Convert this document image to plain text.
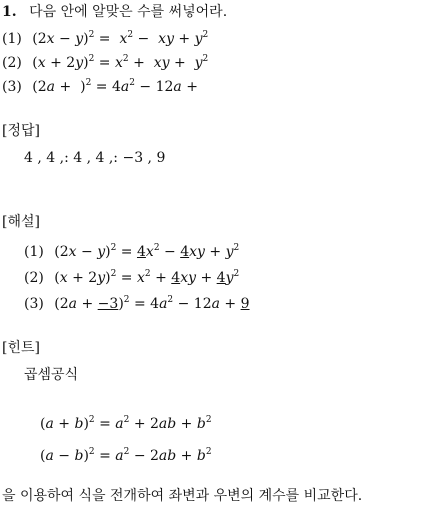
1. 다음 안에 알맞은 수를 써넣어라.
(1) $(2x - y)^2 = x^2$ −  xy + $y^2$
(2) $(x + 2y)^2 = x^2$ +  xy +  $y^2$
(3) $(2a + )^2 = 4a^2 - 12a$ +
[정답]
4 , 4 ,: 4 , 4 ,: −3 , 9
[해설]
(1) $(2x - y)^2 = 4x^2 - 4xy + y^2$
(2) $(x + 2y)^2 = x^2 + 4xy + 4y^2$
(3) $(2a + -3)^2 = 4a^2 - 12a + 9$
[힌트]
곱셈공식
$(a + b)^2 = a^2 + 2ab + b^2$
$(a - b)^2 = a^2 - 2ab + b^2$
을 이용하여 식을 전개하여 좌변과 우변의 계수를 비교한다.
